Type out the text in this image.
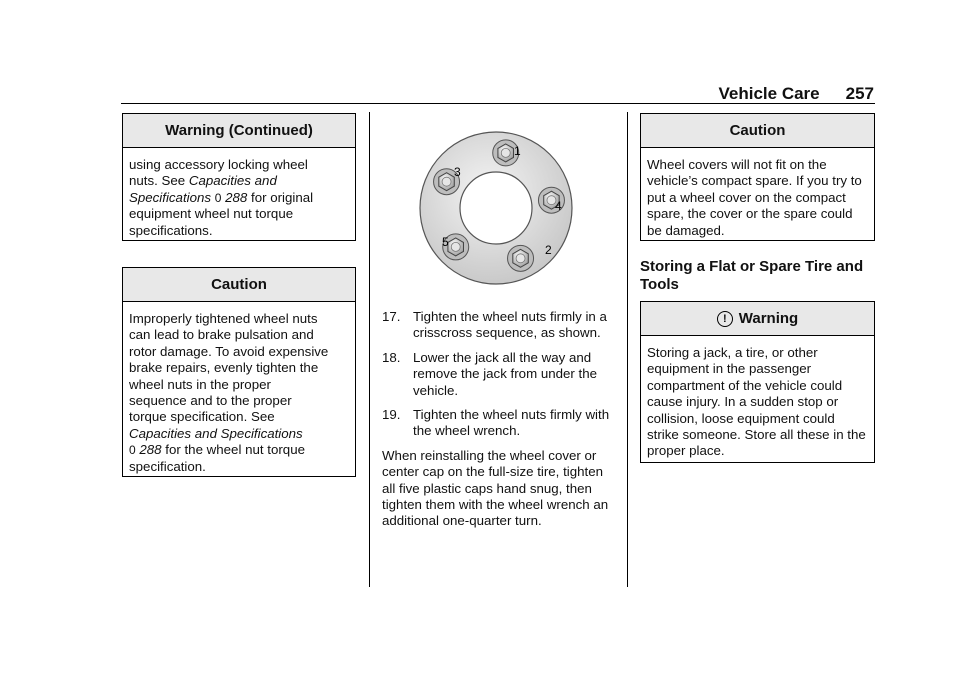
Vehicle Care 257
Warning (Continued)
using accessory locking wheel
nuts. See Capacities and
Specifications 0 288 for original
equipment wheel nut torque
specifications.
Caution
Improperly tightened wheel nuts
can lead to brake pulsation and
rotor damage. To avoid expensive
brake repairs, evenly tighten the
wheel nuts in the proper
sequence and to the proper
torque specification. See
Capacities and Specifications
0 288 for the wheel nut torque
specification.
1
2
3
4
5
17. Tighten the wheel nuts firmly in a crisscross sequence, as shown.
18. Lower the jack all the way and remove the jack from under the vehicle.
19. Tighten the wheel nuts firmly with the wheel wrench.
When reinstalling the wheel cover or center cap on the full-size tire, tighten all five plastic caps hand snug, then tighten them with the wheel wrench an additional one-quarter turn.
Caution
Wheel covers will not fit on the vehicle’s compact spare. If you try to put a wheel cover on the compact spare, the cover or the spare could be damaged.
Storing a Flat or Spare Tire and Tools
! Warning
Storing a jack, a tire, or other equipment in the passenger compartment of the vehicle could cause injury. In a sudden stop or collision, loose equipment could strike someone. Store all these in the proper place.
